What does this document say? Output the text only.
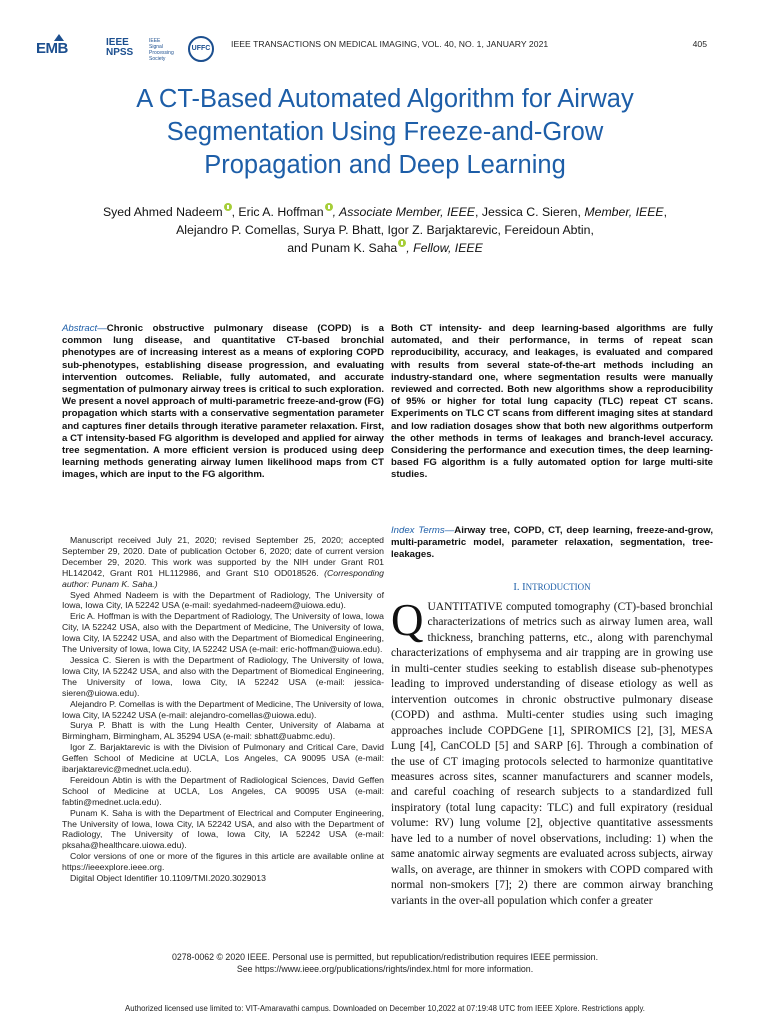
EMB	IEEE
NPSS
IEEE
Signal
Processing
Society
UFFC	IEEE TRANSACTIONS ON MEDICAL IMAGING, VOL. 40, NO. 1, JANUARY 2021	405
A CT-Based Automated Algorithm for Airway
Segmentation Using Freeze-and-Grow
Propagation and Deep Learning
Syed Ahmed Nadeem , Eric A. Hoffman , Associate Member, IEEE, Jessica C. Sieren, Member, IEEE,
Alejandro P. Comellas, Surya P. Bhatt, Igor Z. Barjaktarevic, Fereidoun Abtin,
and Punam K. Saha , Fellow, IEEE
Abstract—Chronic obstructive pulmonary disease (COPD) is a common lung disease, and quantitative CT-based bronchial phenotypes are of increasing interest as a means of exploring COPD sub-phenotypes, establishing disease progression, and evaluating intervention outcomes. Reliable, fully automated, and accurate segmentation of pulmonary airway trees is critical to such exploration. We present a novel approach of multi-parametric freeze-and-grow (FG) propagation which starts with a conservative segmentation parameter and captures finer details through iterative parameter relaxation. First, a CT intensity-based FG algorithm is developed and applied for airway tree segmentation. A more efficient version is produced using deep learning methods generating airway lumen likelihood maps from CT images, which are input to the FG algorithm.
Both CT intensity- and deep learning-based algorithms are fully automated, and their performance, in terms of repeat scan reproducibility, accuracy, and leakages, is evaluated and compared with results from several state-of-the-art methods including an industry-standard one, where segmentation results were manually reviewed and corrected. Both new algorithms show a reproducibility of 95% or higher for total lung capacity (TLC) repeat CT scans. Experiments on TLC CT scans from different imaging sites at standard and low radiation dosages show that both new algorithms outperform the other methods in terms of leakages and branch-level accuracy. Considering the performance and execution times, the deep learning-based FG algorithm is a fully automated option for large multi-site studies.
Index Terms—Airway tree, COPD, CT, deep learning, freeze-and-grow, multi-parametric model, parameter relaxation, segmentation, tree-leakages.

Manuscript received July 21, 2020; revised September 25, 2020; accepted September 29, 2020. Date of publication October 6, 2020; date of current version December 29, 2020. This work was supported by the NIH under Grant R01 HL142042, Grant R01 HL112986, and Grant S10 OD018526. (Corresponding author: Punam K. Saha.)

Syed Ahmed Nadeem is with the Department of Radiology, The University of Iowa, Iowa City, IA 52242 USA (e-mail: syedahmed-nadeem@uiowa.edu).

Eric A. Hoffman is with the Department of Radiology, The University of Iowa, Iowa City, IA 52242 USA, also with the Department of Medicine, The University of Iowa, Iowa City, IA 52242 USA, and also with the Department of Biomedical Engineering, The University of Iowa, Iowa City, IA 52242 USA (e-mail: eric-hoffman@uiowa.edu).

Jessica C. Sieren is with the Department of Radiology, The University of Iowa, Iowa City, IA 52242 USA, and also with the Department of Biomedical Engineering, The University of Iowa, Iowa City, IA 52242 USA (e-mail: jessica-sieren@uiowa.edu).

Alejandro P. Comellas is with the Department of Medicine, The University of Iowa, Iowa City, IA 52242 USA (e-mail: alejandro-comellas@uiowa.edu).

Surya P. Bhatt is with the Lung Health Center, University of Alabama at Birmingham, Birmingham, AL 35294 USA (e-mail: sbhatt@uabmc.edu).

Igor Z. Barjaktarevic is with the Division of Pulmonary and Critical Care, David Geffen School of Medicine at UCLA, Los Angeles, CA 90095 USA (e-mail: ibarjaktarevic@mednet.ucla.edu).

Fereidoun Abtin is with the Department of Radiological Sciences, David Geffen School of Medicine at UCLA, Los Angeles, CA 90095 USA (e-mail: fabtin@mednet.ucla.edu).

Punam K. Saha is with the Department of Electrical and Computer Engineering, The University of Iowa, Iowa City, IA 52242 USA, and also with the Department of Radiology, The University of Iowa, Iowa City, IA 52242 USA (e-mail: pksaha@healthcare.uiowa.edu).

Color versions of one or more of the figures in this article are available online at https://ieeexplore.ieee.org.

Digital Object Identifier 10.1109/TMI.2020.3029013

I. INTRODUCTION
QUANTITATIVE computed tomography (CT)-based bronchial characterizations of metrics such as airway lumen area, wall thickness, branching patterns, etc., along with parenchymal characterizations of emphysema and air trapping are in growing use in multi-center studies seeking to establish disease sub-phenotypes leading to improved understanding of disease etiology as well as intervention outcomes in chronic obstructive pulmonary disease (COPD) and asthma. Multi-center studies using such imaging approaches include COPDGene [1], SPIROMICS [2], [3], MESA Lung [4], CanCOLD [5] and SARP [6]. Through a combination of the use of CT imaging protocols selected to harmonize quantitative measures across sites, scanner manufacturers and scanner models, and careful coaching of research subjects to a standardized full inspiratory (total lung capacity: TLC) and full expiratory (residual volume: RV) lung volume [2], objective quantitative assessments have led to a number of novel observations, including: 1) when the same anatomic airway segments are evaluated across subjects, airway walls, on average, are thinner in smokers with COPD compared with normal non-smokers [7]; 2) there are common airway branching variants in the over-all population which confer a greater
0278-0062 © 2020 IEEE. Personal use is permitted, but republication/redistribution requires IEEE permission.
See https://www.ieee.org/publications/rights/index.html for more information.
Authorized licensed use limited to: VIT-Amaravathi campus. Downloaded on December 10,2022 at 07:19:48 UTC from IEEE Xplore. Restrictions apply.
